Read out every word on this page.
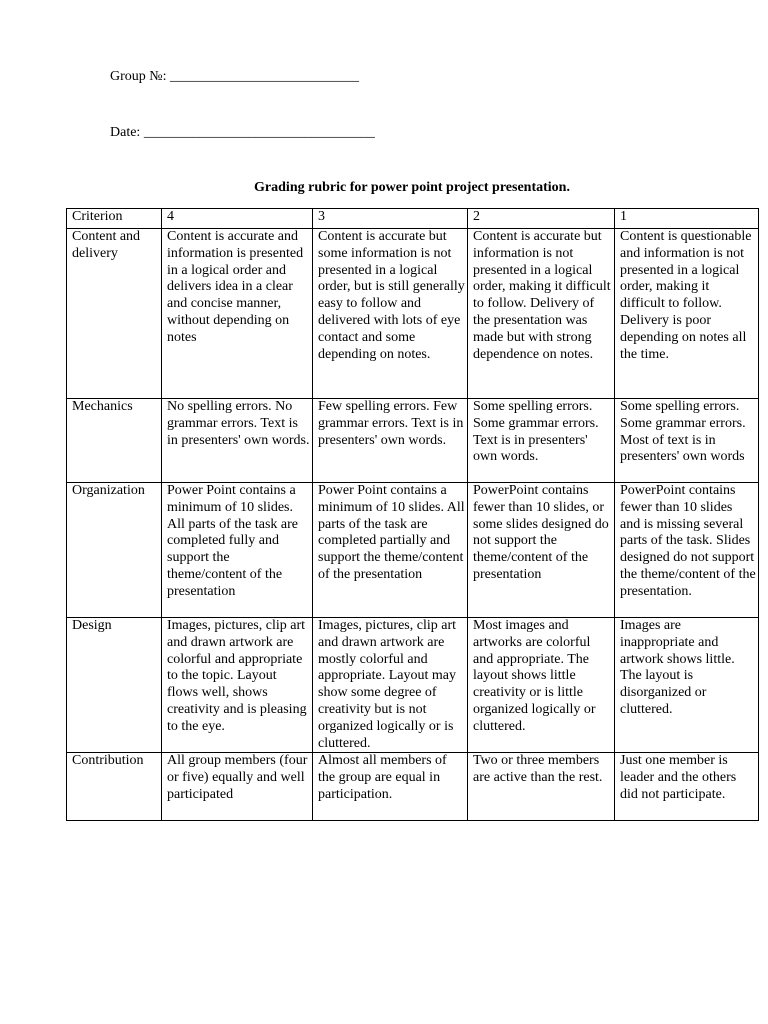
Group №: ___________________________
Date: _________________________________
Grading rubric for power point project presentation.
Criterion	4	3	2	1
Content and delivery	Content is accurate and information is presented in a logical order and delivers idea in a clear and concise manner, without depending on notes	Content is accurate but some information is not presented in a logical order, but is still generally easy to follow and delivered with lots of eye contact and some depending on notes.	Content is accurate but information is not presented in a logical order, making it difficult to follow. Delivery of the presentation was made but with strong dependence on notes.	Content is questionable and information is not presented in a logical order, making it difficult to follow. Delivery is poor depending on notes all the time.
Mechanics	No spelling errors. No grammar errors. Text is in presenters' own words.	Few spelling errors. Few grammar errors. Text is in presenters' own words.	Some spelling errors. Some grammar errors. Text is in presenters' own words.	Some spelling errors. Some grammar errors. Most of text is in presenters' own words
Organization	Power Point contains a minimum of 10 slides. All parts of the task are completed fully and support the theme/content of the presentation	Power Point contains a minimum of 10 slides. All parts of the task are completed partially and support the theme/content of the presentation	PowerPoint contains fewer than 10 slides, or some slides designed do not support the theme/content of the presentation	PowerPoint contains fewer than 10 slides and is missing several parts of the task. Slides designed do not support the theme/content of the presentation.
Design	Images, pictures, clip art and drawn artwork are colorful and appropriate to the topic. Layout flows well, shows creativity and is pleasing to the eye.	Images, pictures, clip art and drawn artwork are mostly colorful and appropriate. Layout may show some degree of creativity but is not organized logically or is cluttered.	Most images and artworks are colorful and appropriate. The layout shows little creativity or is little organized logically or cluttered.	Images are inappropriate and artwork shows little. The layout is disorganized or cluttered.
Contribution	All group members (four or five) equally and well participated	Almost all members of the group are equal in participation.	Two or three members are active than the rest.	Just one member is leader and the others did not participate.
